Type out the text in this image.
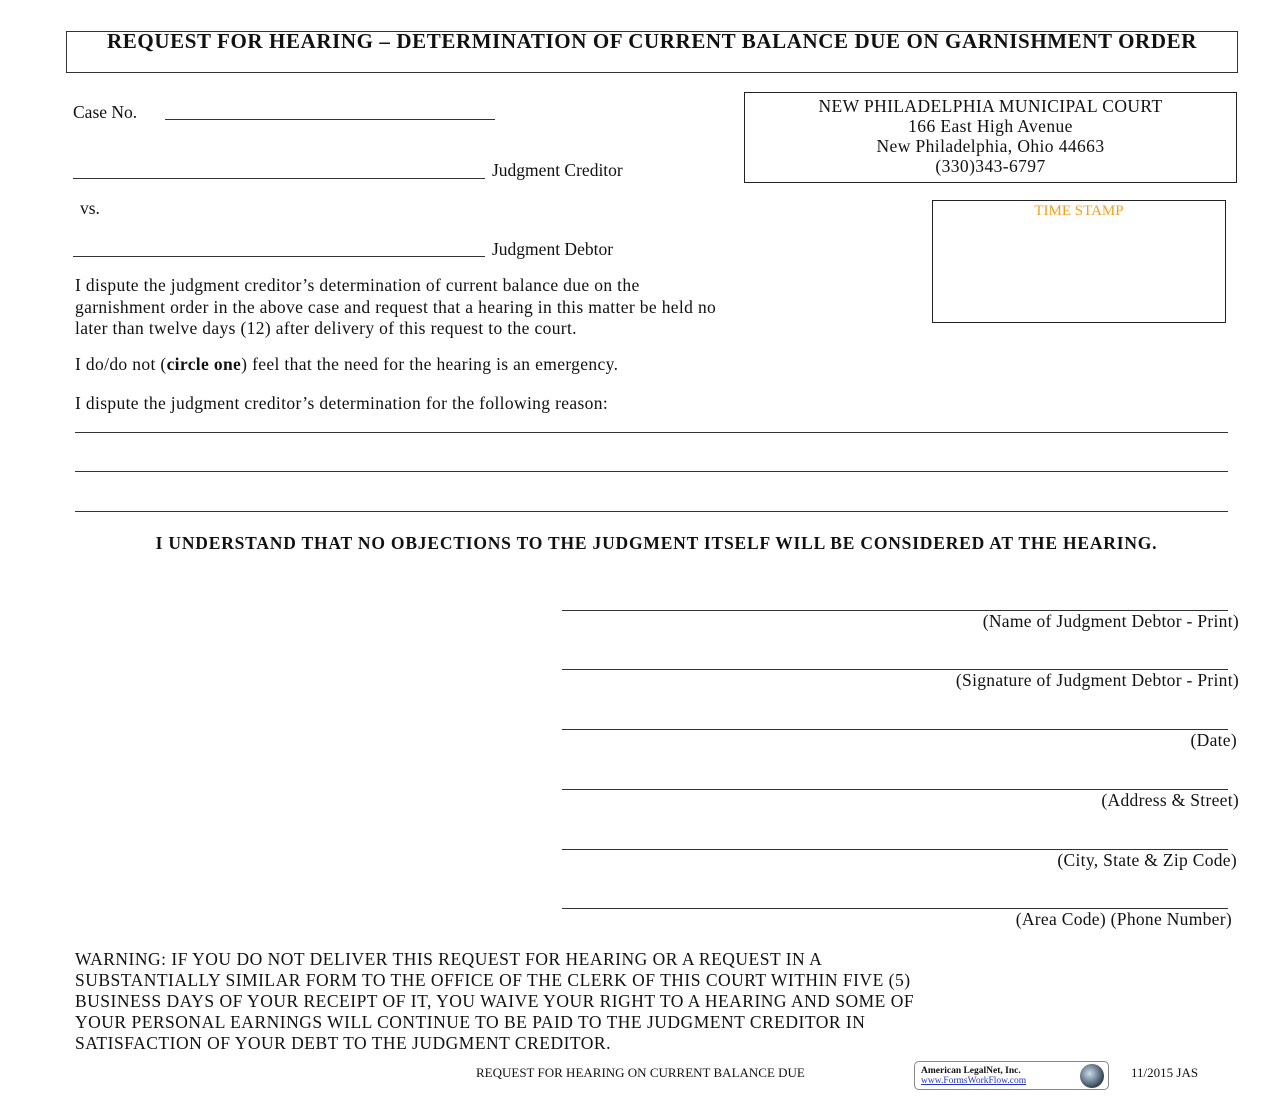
REQUEST FOR HEARING – DETERMINATION OF CURRENT BALANCE DUE ON GARNISHMENT ORDER
Case No.
Judgment Creditor
vs.
Judgment Debtor
NEW PHILADELPHIA MUNICIPAL COURT
166 East High Avenue
New Philadelphia, Ohio 44663
(330)343-6797
TIME STAMP
I dispute the judgment creditor’s determination of current balance due on the
garnishment order in the above case and request that a hearing in this matter be held no
later than twelve days (12) after delivery of this request to the court.
I do/do not (circle one) feel that the need for the hearing is an emergency.
I dispute the judgment creditor’s determination for the following reason:
I UNDERSTAND THAT NO OBJECTIONS TO THE JUDGMENT ITSELF WILL BE CONSIDERED AT THE HEARING.
(Name of Judgment Debtor - Print)
(Signature of Judgment Debtor - Print)
(Date)
(Address & Street)
(City, State & Zip Code)
(Area Code) (Phone Number)
WARNING: IF YOU DO NOT DELIVER THIS REQUEST FOR HEARING OR A REQUEST IN A
SUBSTANTIALLY SIMILAR FORM TO THE OFFICE OF THE CLERK OF THIS COURT WITHIN FIVE (5)
BUSINESS DAYS OF YOUR RECEIPT OF IT, YOU WAIVE YOUR RIGHT TO A HEARING AND SOME OF
YOUR PERSONAL EARNINGS WILL CONTINUE TO BE PAID TO THE JUDGMENT CREDITOR IN
SATISFACTION OF YOUR DEBT TO THE JUDGMENT CREDITOR.
REQUEST FOR HEARING ON CURRENT BALANCE DUE	American LegalNet, Inc.
www.FormsWorkFlow.com
11/2015 JAS
